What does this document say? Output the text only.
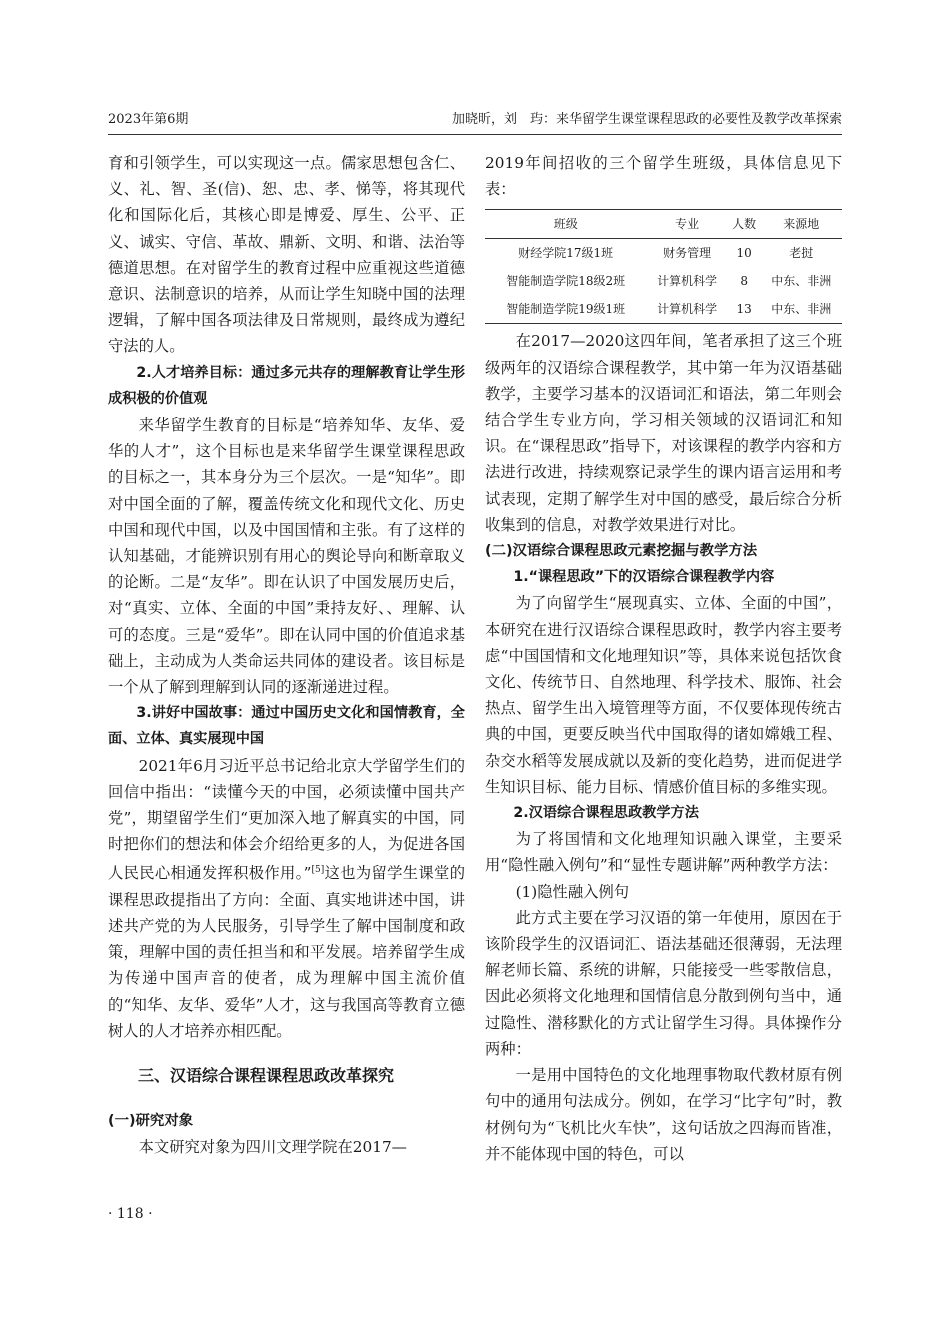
2023年第6期	加晓昕，刘　玙：来华留学生课堂课程思政的必要性及教学改革探索

育和引领学生，可以实现这一点。儒家思想包含仁、义、礼、智、圣(信)、恕、忠、孝、悌等，将其现代化和国际化后，其核心即是博爱、厚生、公平、正义、诚实、守信、革故、鼎新、文明、和谐、法治等德道思想。在对留学生的教育过程中应重视这些道德意识、法制意识的培养，从而让学生知晓中国的法理逻辑，了解中国各项法律及日常规则，最终成为遵纪守法的人。

2.人才培养目标：通过多元共存的理解教育让学生形成积极的价值观

来华留学生教育的目标是“培养知华、友华、爱华的人才”，这个目标也是来华留学生课堂课程思政的目标之一，其本身分为三个层次。一是“知华”。即对中国全面的了解，覆盖传统文化和现代文化、历史中国和现代中国，以及中国国情和主张。有了这样的认知基础，才能辨识别有用心的舆论导向和断章取义的论断。二是“友华”。即在认识了中国发展历史后，对“真实、立体、全面的中国”秉持友好、、理解、认可的态度。三是“爱华”。即在认同中国的价值追求基础上，主动成为人类命运共同体的建设者。该目标是一个从了解到理解到认同的逐渐递进过程。

3.讲好中国故事：通过中国历史文化和国情教育，全面、立体、真实展现中国

2021年6月习近平总书记给北京大学留学生们的回信中指出：“读懂今天的中国，必须读懂中国共产党”，期望留学生们“更加深入地了解真实的中国，同时把你们的想法和体会介绍给更多的人，为促进各国人民民心相通发挥积极作用。”[5]这也为留学生课堂的课程思政提指出了方向：全面、真实地讲述中国，讲述共产党的为人民服务，引导学生了解中国制度和政策，理解中国的责任担当和和平发展。培养留学生成为传递中国声音的使者，成为理解中国主流价值的“知华、友华、爱华”人才，这与我国高等教育立德树人的人才培养亦相匹配。

三、汉语综合课程课程思政改革探究

(一)研究对象

本文研究对象为四川文理学院在2017—

2019年间招收的三个留学生班级，具体信息见下表：

班级	专业	人数	来源地
财经学院17级1班	财务管理	10	老挝
智能制造学院18级2班	计算机科学	8	中东、非洲
智能制造学院19级1班	计算机科学	13	中东、非洲

在2017—2020这四年间，笔者承担了这三个班级两年的汉语综合课程教学，其中第一年为汉语基础教学，主要学习基本的汉语词汇和语法，第二年则会结合学生专业方向，学习相关领域的汉语词汇和知识。在“课程思政”指导下，对该课程的教学内容和方法进行改进，持续观察记录学生的课内语言运用和考试表现，定期了解学生对中国的感受，最后综合分析收集到的信息，对教学效果进行对比。

(二)汉语综合课程思政元素挖掘与教学方法

1.“课程思政”下的汉语综合课程教学内容

为了向留学生“展现真实、立体、全面的中国”，本研究在进行汉语综合课程思政时，教学内容主要考虑“中国国情和文化地理知识”等，具体来说包括饮食文化、传统节日、自然地理、科学技术、服饰、社会热点、留学生出入境管理等方面，不仅要体现传统古典的中国，更要反映当代中国取得的诸如嫦娥工程、杂交水稻等发展成就以及新的变化趋势，进而促进学生知识目标、能力目标、情感价值目标的多维实现。

2.汉语综合课程思政教学方法

为了将国情和文化地理知识融入课堂，主要采用“隐性融入例句”和“显性专题讲解”两种教学方法：

(1)隐性融入例句

此方式主要在学习汉语的第一年使用，原因在于该阶段学生的汉语词汇、语法基础还很薄弱，无法理解老师长篇、系统的讲解，只能接受一些零散信息，因此必须将文化地理和国情信息分散到例句当中，通过隐性、潜移默化的方式让留学生习得。具体操作分两种：

一是用中国特色的文化地理事物取代教材原有例句中的通用句法成分。例如，在学习“比字句”时，教材例句为“飞机比火车快”，这句话放之四海而皆准，并不能体现中国的特色，可以

· 118 ·
